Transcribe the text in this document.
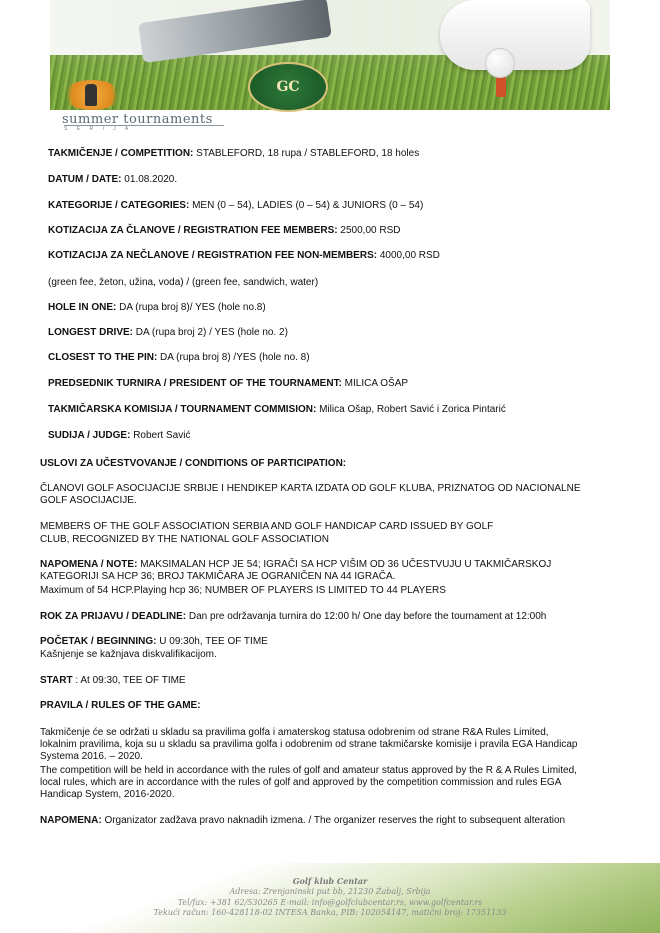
GC
summer tournaments
S E R I J A
TAKMIČENJE / COMPETITION: STABLEFORD, 18 rupa / STABLEFORD, 18 holes
DATUM / DATE: 01.08.2020.
KATEGORIJE / CATEGORIES: MEN (0 – 54), LADIES (0 – 54) & JUNIORS (0 – 54)
KOTIZACIJA ZA ČLANOVE / REGISTRATION FEE MEMBERS: 2500,00 RSD
KOTIZACIJA ZA NEČLANOVE / REGISTRATION FEE NON-MEMBERS: 4000,00 RSD
(green fee, žeton, užina, voda) / (green fee, sandwich, water)
HOLE IN ONE: DA (rupa broj 8)/ YES (hole no.8)
LONGEST DRIVE: DA (rupa broj 2) / YES (hole no. 2)
CLOSEST TO THE PIN: DA (rupa broj 8) /YES (hole no. 8)
PREDSEDNIK TURNIRA / PRESIDENT OF THE TOURNAMENT: MILICA OŠAP
TAKMIČARSKA KOMISIJA / TOURNAMENT COMMISION: Milica Ošap, Robert Savić i Zorica Pintarić
SUDIJA / JUDGE: Robert Savić
USLOVI ZA UČESTVOVANJE / CONDITIONS OF PARTICIPATION:
ČLANOVI GOLF ASOCIJACIJE SRBIJE I HENDIKEP KARTA IZDATA OD GOLF KLUBA, PRIZNATOG OD NACIONALNE GOLF ASOCIJACIJE.
MEMBERS OF THE GOLF ASSOCIATION SERBIA AND GOLF HANDICAP CARD ISSUED BY GOLF
CLUB, RECOGNIZED BY THE NATIONAL GOLF ASSOCIATION
NAPOMENA / NOTE: MAKSIMALAN HCP JE 54; IGRAČI SA HCP VIŠIM OD 36 UČESTVUJU U TAKMIČARSKOJ KATEGORIJI SA HCP 36; BROJ TAKMIČARA JE OGRANIČEN NA 44 IGRAČA.
Maximum of 54 HCP.Playing hcp 36; NUMBER OF PLAYERS IS LIMITED TO 44 PLAYERS
ROK ZA PRIJAVU / DEADLINE: Dan pre održavanja turnira do 12:00 h/ One day before the tournament at 12:00h
POČETAK / BEGINNING: U 09:30h, TEE OF TIME
Kašnjenje se kažnjava diskvalifikacijom.
START : At 09:30, TEE OF TIME
PRAVILA / RULES OF THE GAME:
Takmičenje će se održati u skladu sa pravilima golfa i amaterskog statusa odobrenim od strane R&A Rules Limited, lokalnim pravilima, koja su u skladu sa pravilima golfa i odobrenim od strane takmičarske komisije i pravila EGA Handicap Systema 2016. – 2020.
The competition will be held in accordance with the rules of golf and amateur status approved by the R & A Rules Limited, local rules, which are in accordance with the rules of golf and approved by the competition commission and rules EGA Handicap System, 2016-2020.
NAPOMENA: Organizator zadžava pravo naknadih izmena. / The organizer reserves the right to subsequent alteration
Golf klub Centar
Adresa: Zrenjaninski put bb, 21230 Žabalj, Srbija
Tel/fax: +381 62/530265 E-mail: info@golfclubcentar.rs, www.golfcentar.rs
Tekući račun: 160-428118-02 INTESA Banka, PIB: 102054147, matični broj: 17351133
